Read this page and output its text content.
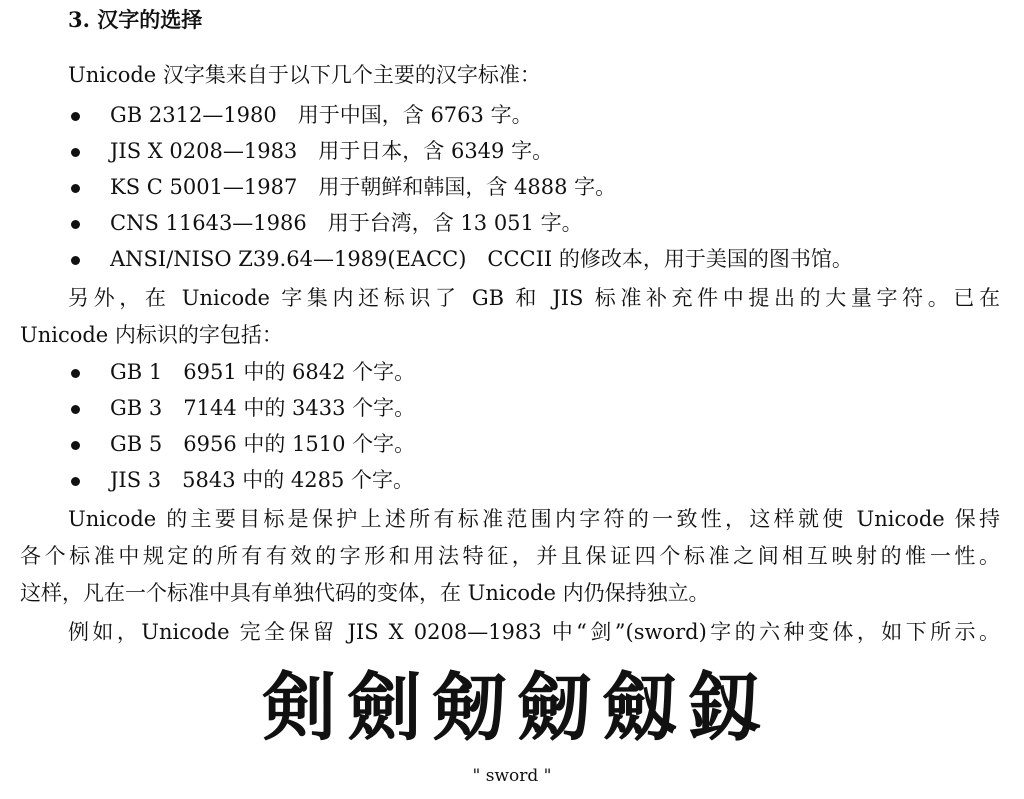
3. 汉字的选择
Unicode 汉字集来自于以下几个主要的汉字标准：
GB 2312—1980　用于中国，含 6763 字。
JIS X 0208—1983　用于日本，含 6349 字。
KS C 5001—1987　用于朝鲜和韩国，含 4888 字。
CNS 11643—1986　用于台湾，含 13 051 字。
ANSI/NISO Z39.64—1989(EACC)　CCCII 的修改本，用于美国的图书馆。
另外，在 Unicode 字集内还标识了 GB 和 JIS 标准补充件中提出的大量字符。已在
Unicode 内标识的字包括：
GB 1　6951 中的 6842 个字。
GB 3　7144 中的 3433 个字。
GB 5　6956 中的 1510 个字。
JIS 3　5843 中的 4285 个字。
Unicode 的主要目标是保护上述所有标准范围内字符的一致性，这样就使 Unicode 保持
各个标准中规定的所有有效的字形和用法特征，并且保证四个标准之间相互映射的惟一性。
这样，凡在一个标准中具有单独代码的变体，在 Unicode 内仍保持独立。
例如，Unicode 完全保留 JIS X 0208—1983 中“剑”(sword)字的六种变体，如下所示。
剣 劍 剱 劒 劔 釼
" sword "
